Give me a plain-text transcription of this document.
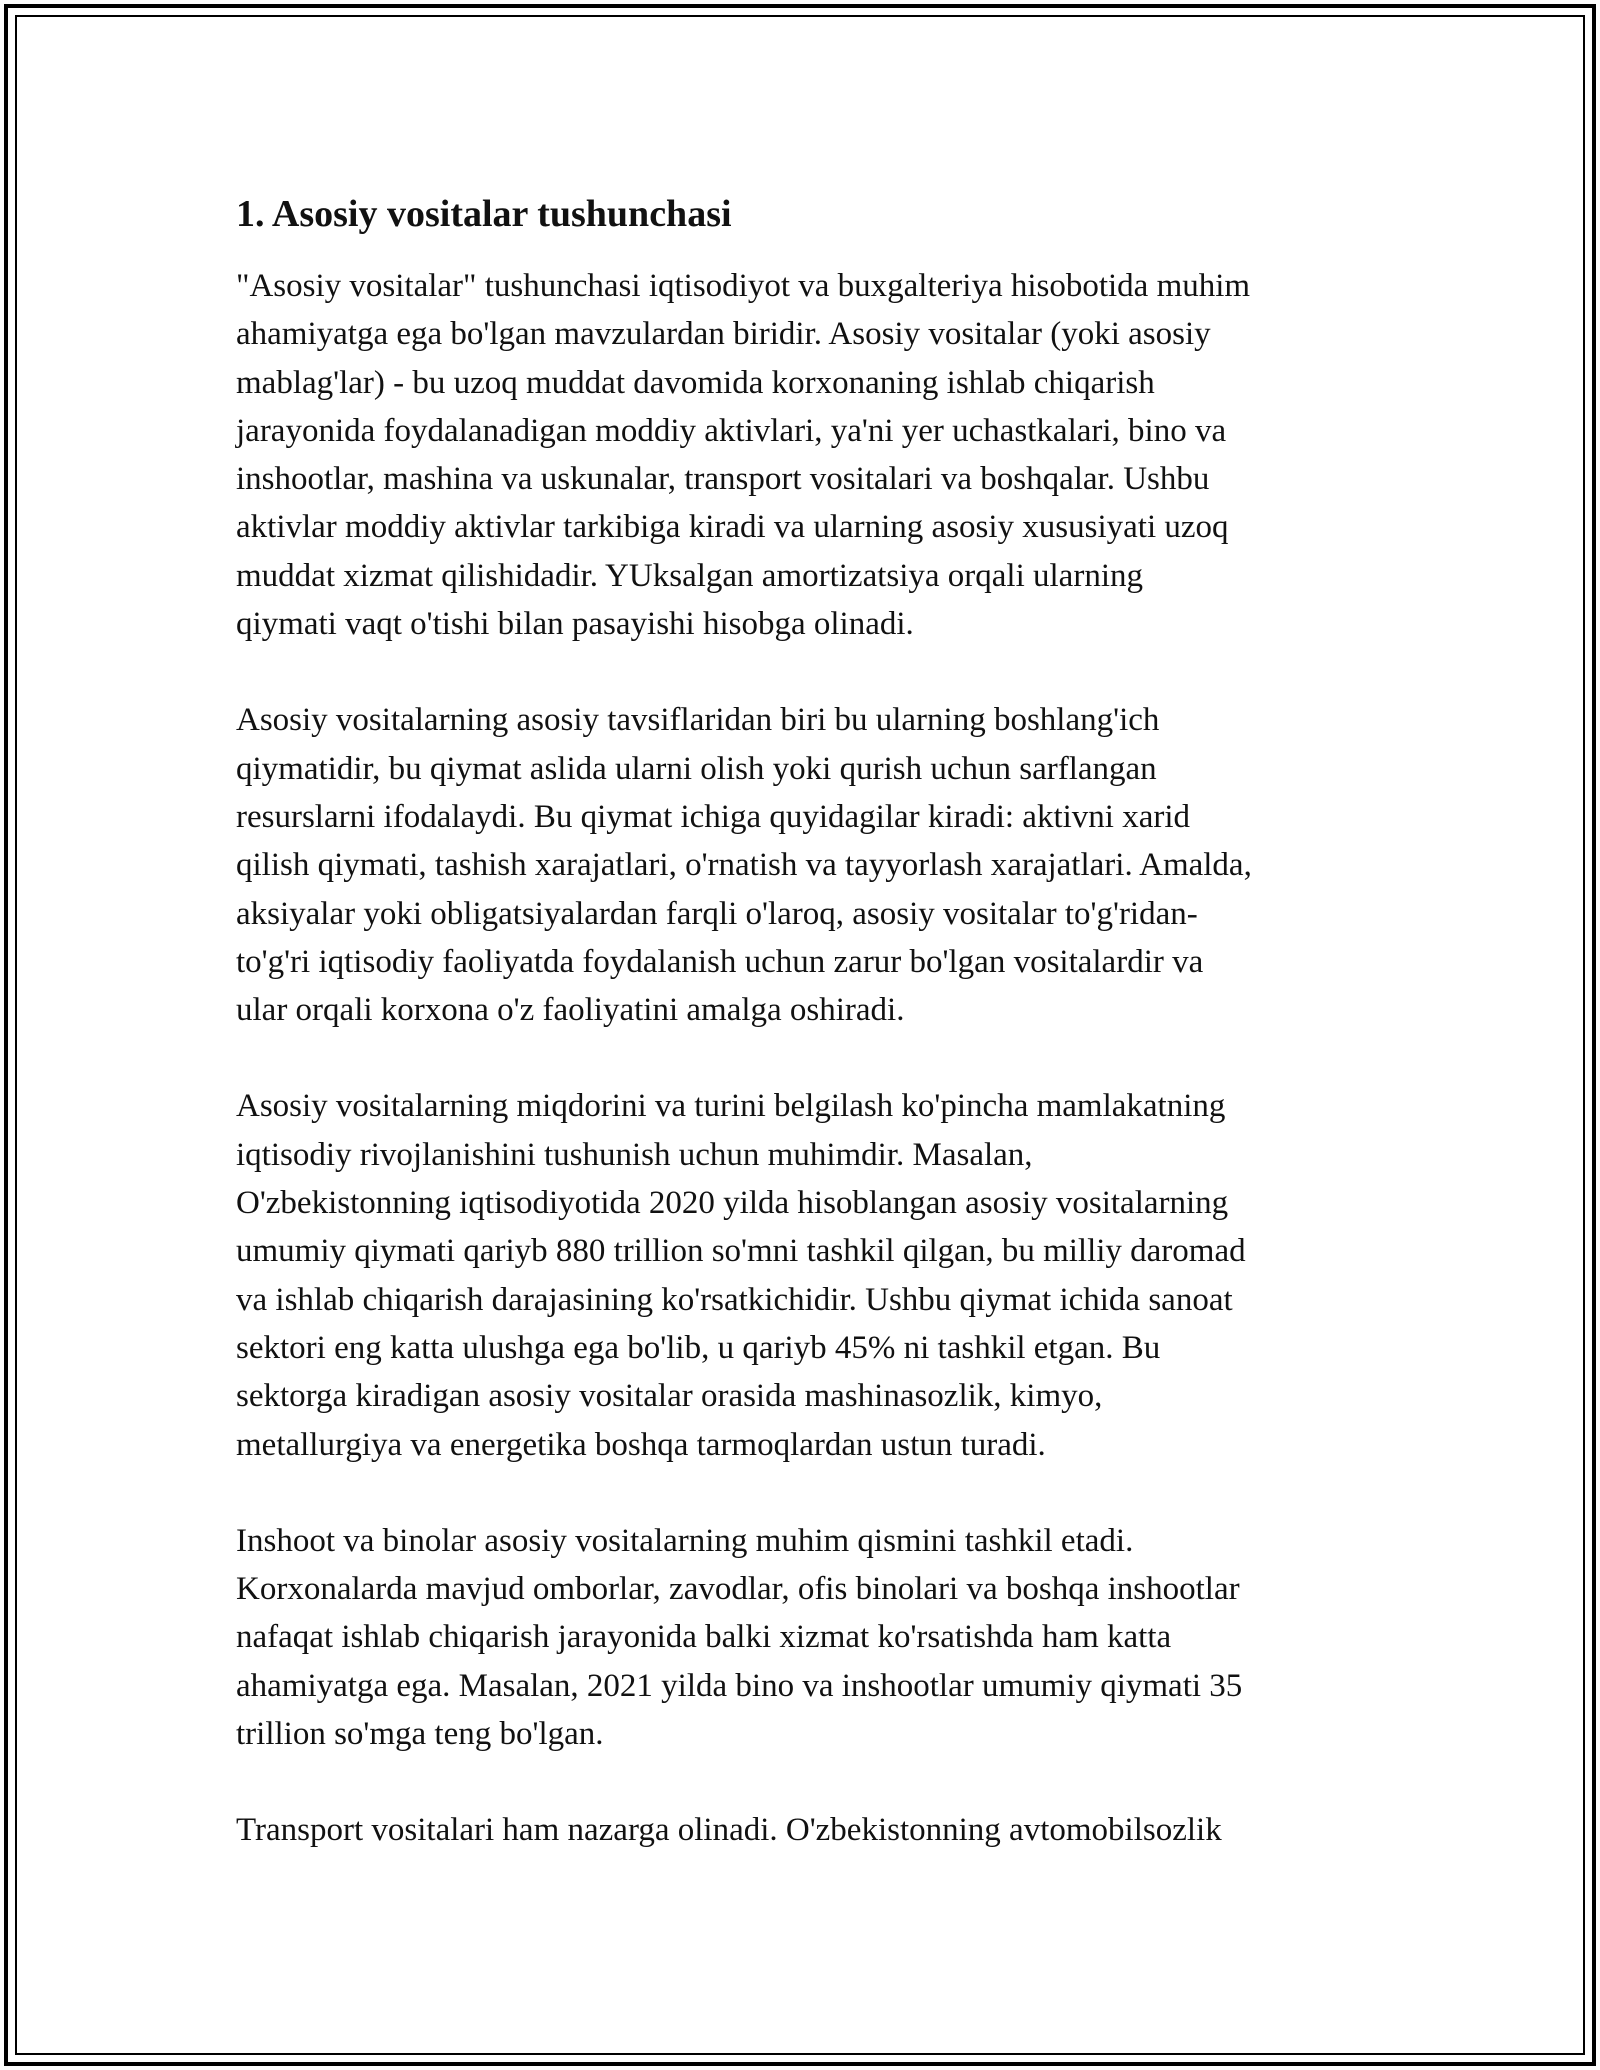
1. Asosiy vositalar tushunchasi
"Asosiy vositalar" tushunchasi iqtisodiyot va buxgalteriya hisobotida muhim
ahamiyatga ega bo'lgan mavzulardan biridir. Asosiy vositalar (yoki asosiy
mablag'lar) - bu uzoq muddat davomida korxonaning ishlab chiqarish
jarayonida foydalanadigan moddiy aktivlari, ya'ni yer uchastkalari, bino va
inshootlar, mashina va uskunalar, transport vositalari va boshqalar. Ushbu
aktivlar moddiy aktivlar tarkibiga kiradi va ularning asosiy xususiyati uzoq
muddat xizmat qilishidadir. YUksalgan amortizatsiya orqali ularning
qiymati vaqt o'tishi bilan pasayishi hisobga olinadi.
Asosiy vositalarning asosiy tavsiflaridan biri bu ularning boshlang'ich
qiymatidir, bu qiymat aslida ularni olish yoki qurish uchun sarflangan
resurslarni ifodalaydi. Bu qiymat ichiga quyidagilar kiradi: aktivni xarid
qilish qiymati, tashish xarajatlari, o'rnatish va tayyorlash xarajatlari. Amalda,
aksiyalar yoki obligatsiyalardan farqli o'laroq, asosiy vositalar to'g'ridan-
to'g'ri iqtisodiy faoliyatda foydalanish uchun zarur bo'lgan vositalardir va
ular orqali korxona o'z faoliyatini amalga oshiradi.
Asosiy vositalarning miqdorini va turini belgilash ko'pincha mamlakatning
iqtisodiy rivojlanishini tushunish uchun muhimdir. Masalan,
O'zbekistonning iqtisodiyotida 2020 yilda hisoblangan asosiy vositalarning
umumiy qiymati qariyb 880 trillion so'mni tashkil qilgan, bu milliy daromad
va ishlab chiqarish darajasining ko'rsatkichidir. Ushbu qiymat ichida sanoat
sektori eng katta ulushga ega bo'lib, u qariyb 45% ni tashkil etgan. Bu
sektorga kiradigan asosiy vositalar orasida mashinasozlik, kimyo,
metallurgiya va energetika boshqa tarmoqlardan ustun turadi.
Inshoot va binolar asosiy vositalarning muhim qismini tashkil etadi.
Korxonalarda mavjud omborlar, zavodlar, ofis binolari va boshqa inshootlar
nafaqat ishlab chiqarish jarayonida balki xizmat ko'rsatishda ham katta
ahamiyatga ega. Masalan, 2021 yilda bino va inshootlar umumiy qiymati 35
trillion so'mga teng bo'lgan.
Transport vositalari ham nazarga olinadi. O'zbekistonning avtomobilsozlik
